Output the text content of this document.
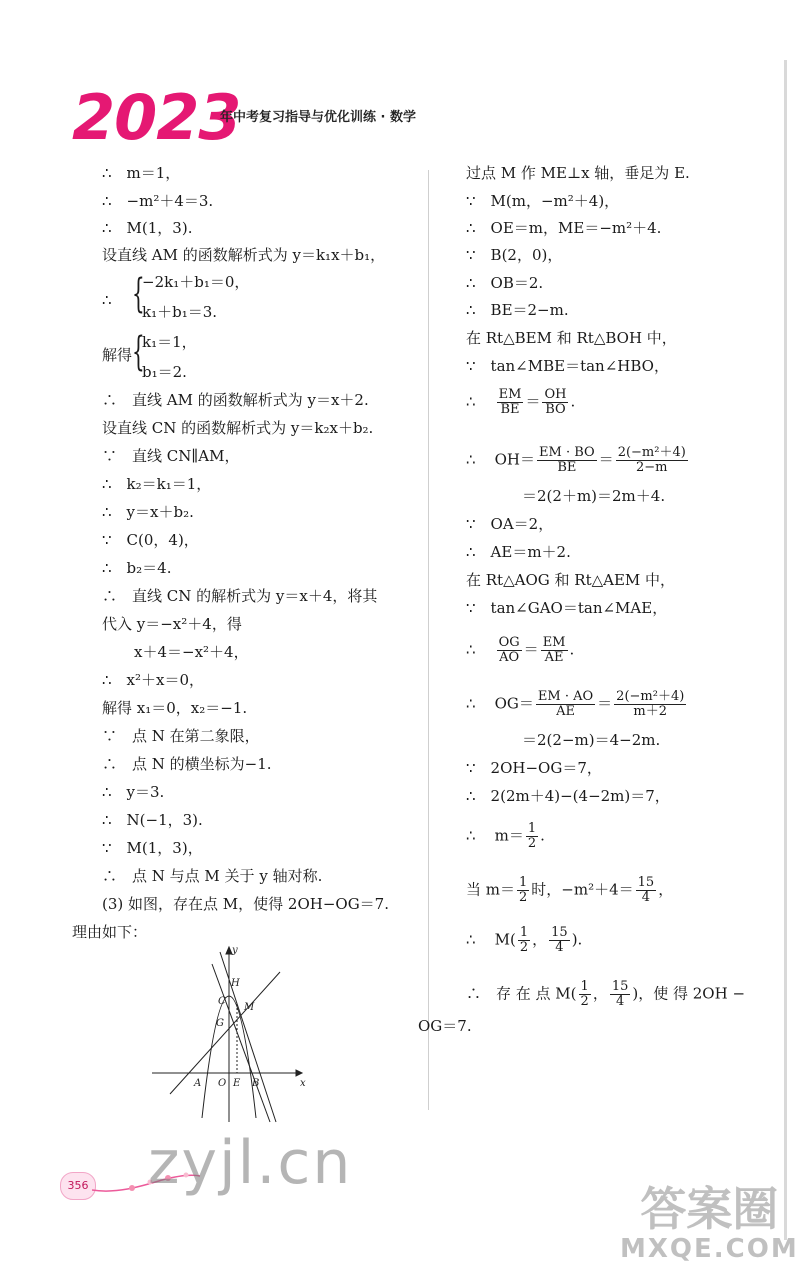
2023
年中考复习指导与优化训练 · 数学
∴　m＝1，
∴　−m²＋4＝3.
∴　M(1，3).
设直线 AM 的函数解析式为 y＝k₁x＋b₁，
∴ {
−2k₁＋b₁＝0，
k₁＋b₁＝3.
解得 {
k₁＝1，
b₁＝2.
∴　直线 AM 的函数解析式为 y＝x＋2.
设直线 CN 的函数解析式为 y＝k₂x＋b₂.
∵　直线 CN∥AM，
∴　k₂＝k₁＝1，
∴　y＝x＋b₂.
∵　C(0，4)，
∴　b₂＝4.
∴　直线 CN 的解析式为 y＝x＋4，将其
代入 y＝−x²＋4，得
x＋4＝−x²＋4，
∴　x²＋x＝0，
解得 x₁＝0，x₂＝−1.
∵　点 N 在第二象限，
∴　点 N 的横坐标为−1.
∴　y＝3.
∴　N(−1，3).
∵　M(1，3)，
∴　点 N 与点 M 关于 y 轴对称.
(3) 如图，存在点 M，使得 2OH−OG＝7.
理由如下：
过点 M 作 ME⊥x 轴，垂足为 E.
∵　M(m，−m²＋4)，
∴　OE＝m，ME＝−m²＋4.
∵　B(2，0)，
∴　OB＝2.
∴　BE＝2−m.
在 Rt△BEM 和 Rt△BOH 中，
∵　tan∠MBE＝tan∠HBO，
∴ $\frac{EM}{BE} = \frac{OH}{BO}$ .
∴ $OH= \frac{EM \cdot BO}{BE} = \frac{\text{2(−m²＋4)}}{2-m}$
＝2(2＋m)＝2m＋4.
∵　OA＝2，
∴　AE＝m＋2.
在 Rt△AOG 和 Rt△AEM 中，
∵　tan∠GAO＝tan∠MAE，
∴ $\frac{OG}{AO} = \frac{EM}{AE}$ .
∴ $OG= \frac{EM \cdot AO}{AE} = \frac{\text{2(−m²＋4)}}{m+2}$
＝2(2−m)＝4−2m.
∵　2OH−OG＝7，
∴　2(2m＋4)−(4−2m)＝7，
∴ $m= \frac{1}{2}$ .
当 $m= \frac{1}{2}$ 时，$-m^2+4= \frac{15}{4}$ ，
∴ $M( \frac{1}{2}$ ， $\frac{15}{4}$ ).
∴　存 在 点 $M( \frac{1}{2}$ ， $\frac{15}{4}$ )，使 得 2OH −
OG＝7.
y
x
H
C
M
G
A O E B
356 zyjl.cn
答案圈
MXQE.COM
